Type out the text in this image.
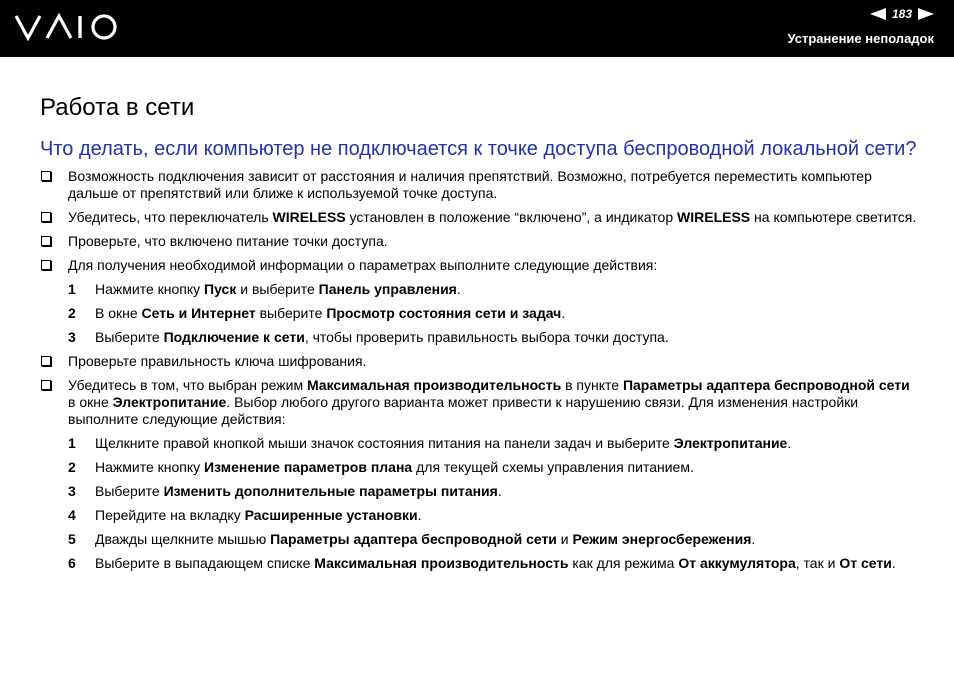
183
Устранение неполадок
Работа в сети
Что делать, если компьютер не подключается к точке доступа беспроводной локальной сети?
Возможность подключения зависит от расстояния и наличия препятствий. Возможно, потребуется переместить компьютер дальше от препятствий или ближе к используемой точке доступа.
Убедитесь, что переключатель WIRELESS установлен в положение “включено”, а индикатор WIRELESS на компьютере светится.
Проверьте, что включено питание точки доступа.
Для получения необходимой информации о параметрах выполните следующие действия:
1 Нажмите кнопку Пуск и выберите Панель управления.
2 В окне Сеть и Интернет выберите Просмотр состояния сети и задач.
3 Выберите Подключение к сети, чтобы проверить правильность выбора точки доступа.
Проверьте правильность ключа шифрования.
Убедитесь в том, что выбран режим Максимальная производительность в пункте Параметры адаптера беспроводной сети в окне Электропитание. Выбор любого другого варианта может привести к нарушению связи. Для изменения настройки выполните следующие действия:
1 Щелкните правой кнопкой мыши значок состояния питания на панели задач и выберите Электропитание.
2 Нажмите кнопку Изменение параметров плана для текущей схемы управления питанием.
3 Выберите Изменить дополнительные параметры питания.
4 Перейдите на вкладку Расширенные установки.
5 Дважды щелкните мышью Параметры адаптера беспроводной сети и Режим энергосбережения.
6 Выберите в выпадающем списке Максимальная производительность как для режима От аккумулятора, так и От сети.
